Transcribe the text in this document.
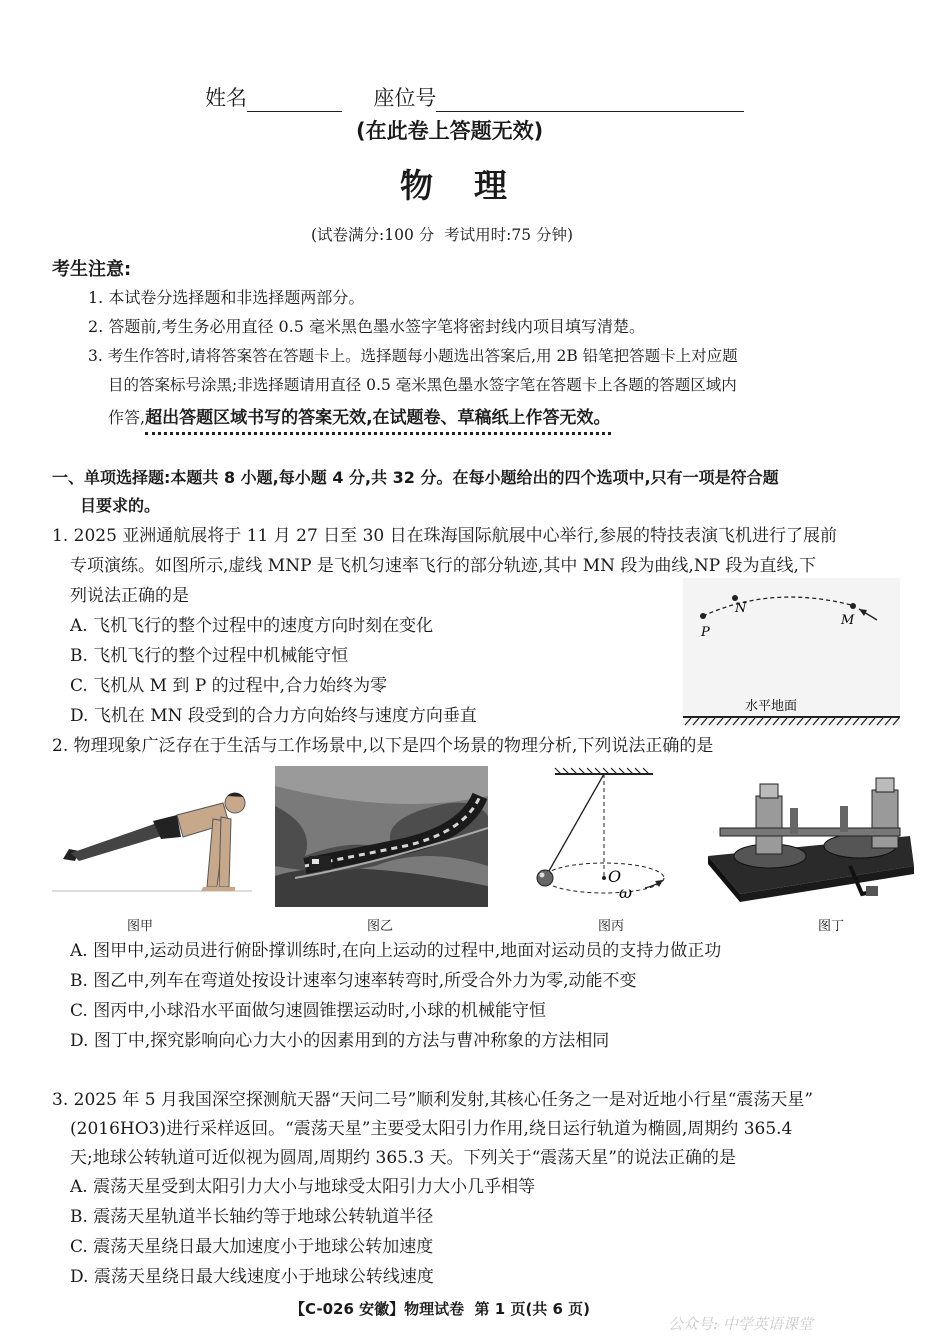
姓名	座位号
(在此卷上答题无效)
物  理
(试卷满分:100 分  考试用时:75 分钟)
考生注意:
1. 本试卷分选择题和非选择题两部分。
2. 答题前,考生务必用直径 0.5 毫米黑色墨水签字笔将密封线内项目填写清楚。
3. 考生作答时,请将答案答在答题卡上。选择题每小题选出答案后,用 2B 铅笔把答题卡上对应题
目的答案标号涂黑;非选择题请用直径 0.5 毫米黑色墨水签字笔在答题卡上各题的答题区域内
作答,超出答题区域书写的答案无效,在试题卷、草稿纸上作答无效。
一、单项选择题:本题共 8 小题,每小题 4 分,共 32 分。在每小题给出的四个选项中,只有一项是符合题
目要求的。
1. 2025 亚洲通航展将于 11 月 27 日至 30 日在珠海国际航展中心举行,参展的特技表演飞机进行了展前
专项演练。如图所示,虚线 MNP 是飞机匀速率飞行的部分轨迹,其中 MN 段为曲线,NP 段为直线,下
列说法正确的是
A. 飞机飞行的整个过程中的速度方向时刻在变化
B. 飞机飞行的整个过程中机械能守恒
C. 飞机从 M 到 P 的过程中,合力始终为零
D. 飞机在 MN 段受到的合力方向始终与速度方向垂直
P
N
M
水平地面
2. 物理现象广泛存在于生活与工作场景中,以下是四个场景的物理分析,下列说法正确的是
图甲	图乙
O
ω
图丙	图丁
A. 图甲中,运动员进行俯卧撑训练时,在向上运动的过程中,地面对运动员的支持力做正功
B. 图乙中,列车在弯道处按设计速率匀速率转弯时,所受合外力为零,动能不变
C. 图丙中,小球沿水平面做匀速圆锥摆运动时,小球的机械能守恒
D. 图丁中,探究影响向心力大小的因素用到的方法与曹冲称象的方法相同
3. 2025 年 5 月我国深空探测航天器“天问二号”顺利发射,其核心任务之一是对近地小行星“震荡天星”
(2016HO3)进行采样返回。“震荡天星”主要受太阳引力作用,绕日运行轨道为椭圆,周期约 365.4
天;地球公转轨道可近似视为圆周,周期约 365.3 天。下列关于“震荡天星”的说法正确的是
A. 震荡天星受到太阳引力大小与地球受太阳引力大小几乎相等
B. 震荡天星轨道半长轴约等于地球公转轨道半径
C. 震荡天星绕日最大加速度小于地球公转加速度
D. 震荡天星绕日最大线速度小于地球公转线速度
【C-026 安徽】物理试卷  第 1 页(共 6 页)
公众号: 中学英语课堂
